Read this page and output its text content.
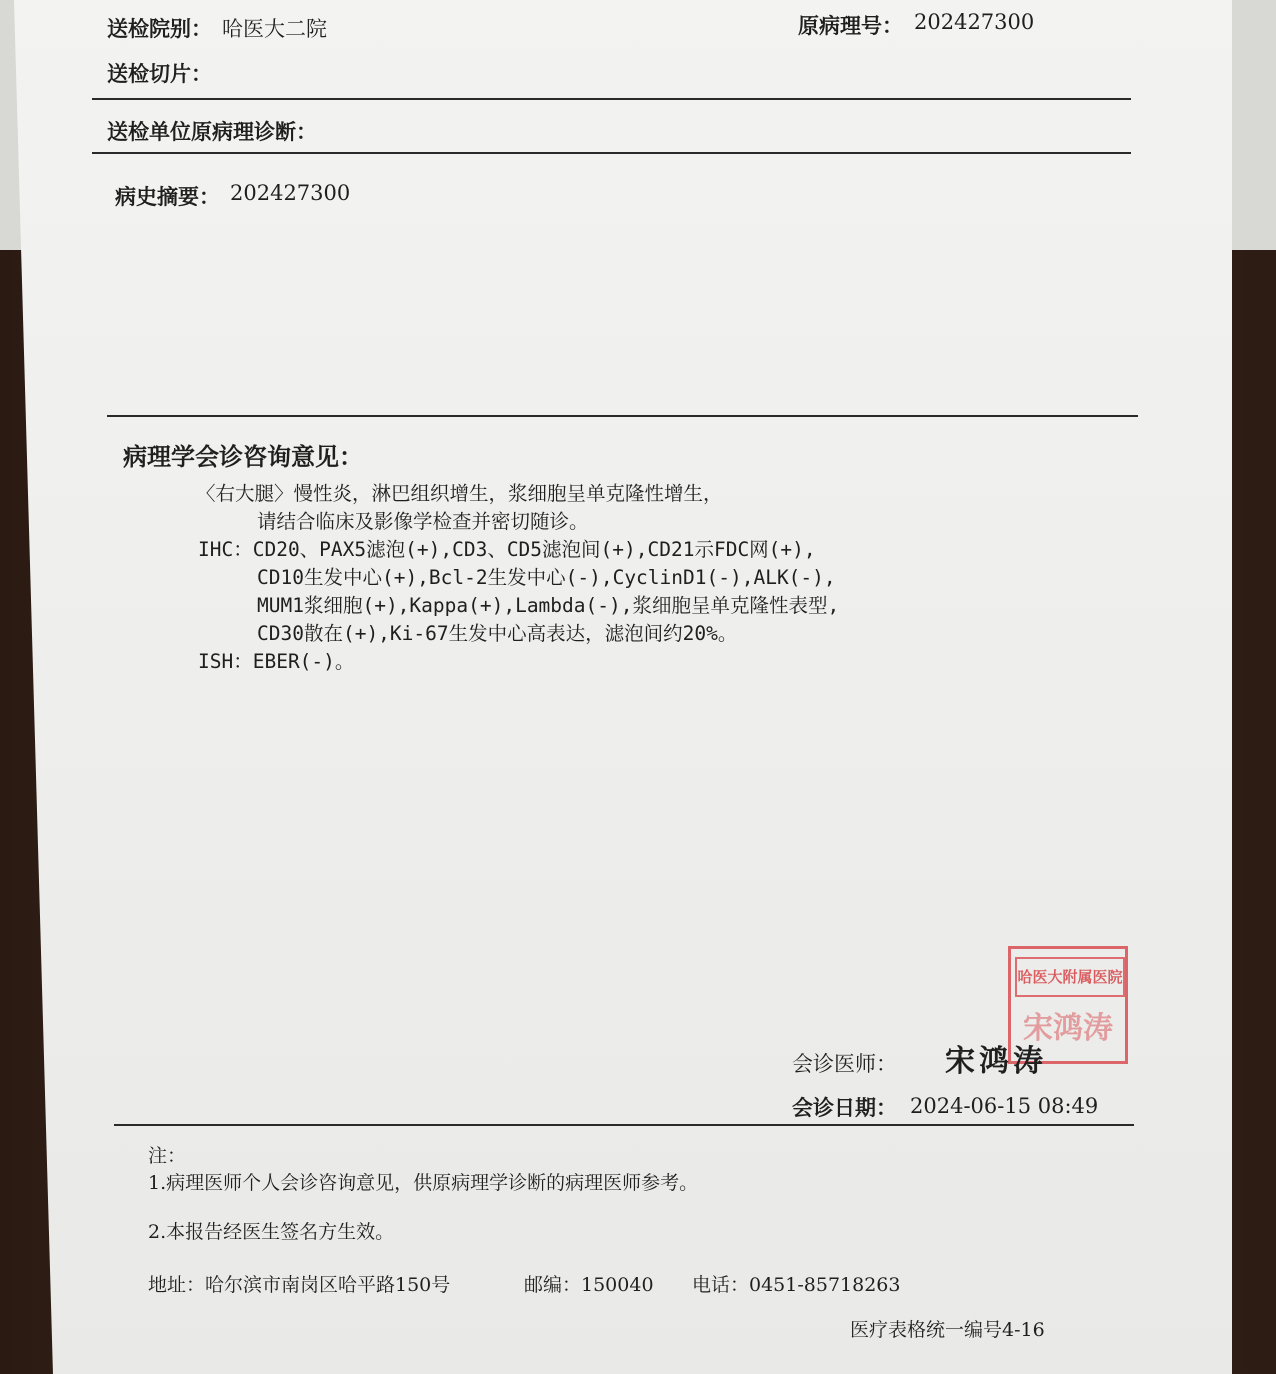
送检院别： 哈医大二院	原病理号： 202427300
送检切片：
送检单位原病理诊断：
病史摘要： 202427300
病理学会诊咨询意见：
〈右大腿〉慢性炎，淋巴组织增生，浆细胞呈单克隆性增生，
请结合临床及影像学检查并密切随诊。
IHC：CD20、PAX5滤泡(+),CD3、CD5滤泡间(+),CD21示FDC网(+),
CD10生发中心(+),Bcl-2生发中心(-),CyclinD1(-),ALK(-),
MUM1浆细胞(+),Kappa(+),Lambda(-),浆细胞呈单克隆性表型,
CD30散在(+),Ki-67生发中心高表达，滤泡间约20%。
ISH：EBER(-)。
哈医大附属医院
宋鸿涛
会诊医师： 宋鸿涛
会诊日期： 2024-06-15 08:49
注：
1.病理医师个人会诊咨询意见，供原病理学诊断的病理医师参考。
2.本报告经医生签名方生效。
地址：哈尔滨市南岗区哈平路150号	邮编：150040 电话：0451-85718263
医疗表格统一编号4-16
